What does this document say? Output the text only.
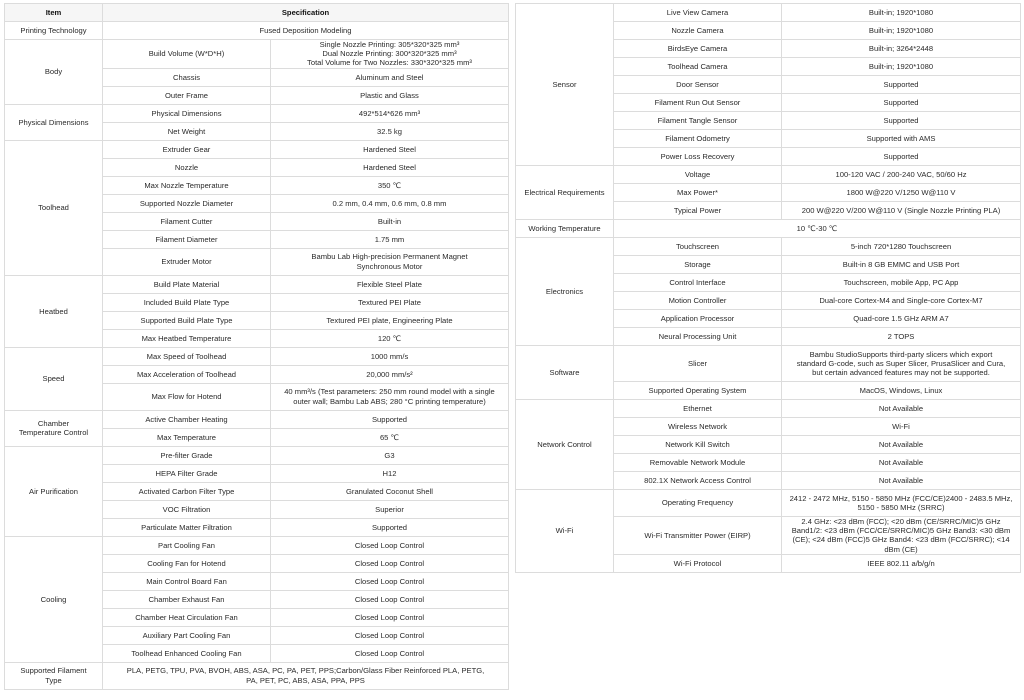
Item	Specification	
Printing Technology	Fused Deposition Modeling	
Body	Build Volume (W*D*H)	Single Nozzle Printing: 305*320*325 mm³
Dual Nozzle Printing: 300*320*325 mm³
Total Volume for Two Nozzles: 330*320*325 mm³
	Chassis	Aluminum and Steel
	Outer Frame	Plastic and Glass
Physical Dimensions	Physical Dimensions	492*514*626 mm³
	Net Weight	32.5 kg
Toolhead	Extruder Gear	Hardened Steel
	Nozzle	Hardened Steel
	Max Nozzle Temperature	350 ℃
	Supported Nozzle Diameter	0.2 mm, 0.4 mm, 0.6 mm, 0.8 mm
	Filament Cutter	Built-in
	Filament Diameter	1.75 mm
	Extruder Motor	Bambu Lab High-precision Permanent Magnet
Synchronous Motor
Heatbed	Build Plate Material	Flexible Steel Plate
	Included Build Plate Type	Textured PEI Plate
	Supported Build Plate Type	Textured PEI plate, Engineering Plate
	Max Heatbed Temperature	120 ℃
Speed	Max Speed of Toolhead	1000 mm/s
	Max Acceleration of Toolhead	20,000 mm/s²
	Max Flow for Hotend	40 mm³/s (Test parameters: 250 mm round model with a single
outer wall; Bambu Lab ABS; 280 °C printing temperature)
Chamber
Temperature Control	Active Chamber Heating	Supported
	Max Temperature	65 ℃
Air Purification	Pre-filter Grade	G3
	HEPA Filter Grade	H12
	Activated Carbon Filter Type	Granulated Coconut Shell
	VOC Filtration	Superior
	Particulate Matter Filtration	Supported
Cooling	Part Cooling Fan	Closed Loop Control
	Cooling Fan for Hotend	Closed Loop Control
	Main Control Board Fan	Closed Loop Control
	Chamber Exhaust Fan	Closed Loop Control
	Chamber Heat Circulation Fan	Closed Loop Control
	Auxiliary Part Cooling Fan	Closed Loop Control
	Toolhead Enhanced Cooling Fan	Closed Loop Control
Supported Filament
Type	PLA, PETG, TPU, PVA, BVOH, ABS, ASA, PC, PA, PET, PPS;Carbon/Glass Fiber Reinforced PLA, PETG,
PA, PET, PC, ABS, ASA, PPA, PPS	
Sensor	Live View Camera	Built-in; 1920*1080
	Nozzle Camera	Built-in; 1920*1080
	BirdsEye Camera	Built-in; 3264*2448
	Toolhead Camera	Built-in; 1920*1080
	Door Sensor	Supported
	Filament Run Out Sensor	Supported
	Filament Tangle Sensor	Supported
	Filament Odometry	Supported with AMS
	Power Loss Recovery	Supported
Electrical Requirements	Voltage	100-120 VAC / 200-240 VAC, 50/60 Hz
	Max Power*	1800 W@220 V/1250 W@110 V
	Typical Power	200 W@220 V/200 W@110 V (Single Nozzle Printing PLA)
Working Temperature	10 ℃-30 ℃	
Electronics	Touchscreen	5-inch 720*1280 Touchscreen
	Storage	Built-in 8 GB EMMC and USB Port
	Control Interface	Touchscreen, mobile App, PC App
	Motion Controller	Dual-core Cortex-M4 and Single-core Cortex-M7
	Application Processor	Quad-core 1.5 GHz ARM A7
	Neural Processing Unit	2 TOPS
Software	Slicer	Bambu StudioSupports third-party slicers which export
standard G-code, such as Super Slicer, PrusaSlicer and Cura,
but certain advanced features may not be supported.
	Supported Operating System	MacOS, Windows, Linux
Network Control	Ethernet	Not Available
	Wireless Network	Wi-Fi
	Network Kill Switch	Not Available
	Removable Network Module	Not Available
	802.1X Network Access Control	Not Available
Wi-Fi	Operating Frequency	2412 - 2472 MHz, 5150 - 5850 MHz (FCC/CE)2400 - 2483.5 MHz,
5150 - 5850 MHz (SRRC)
	Wi-Fi Transmitter Power (EIRP)	2.4 GHz: <23 dBm (FCC); <20 dBm (CE/SRRC/MIC)5 GHz
Band1/2: <23 dBm (FCC/CE/SRRC/MIC)5 GHz Band3: <30 dBm
(CE); <24 dBm (FCC)5 GHz Band4: <23 dBm (FCC/SRRC); <14
dBm (CE)
	Wi-Fi Protocol	IEEE 802.11 a/b/g/n
